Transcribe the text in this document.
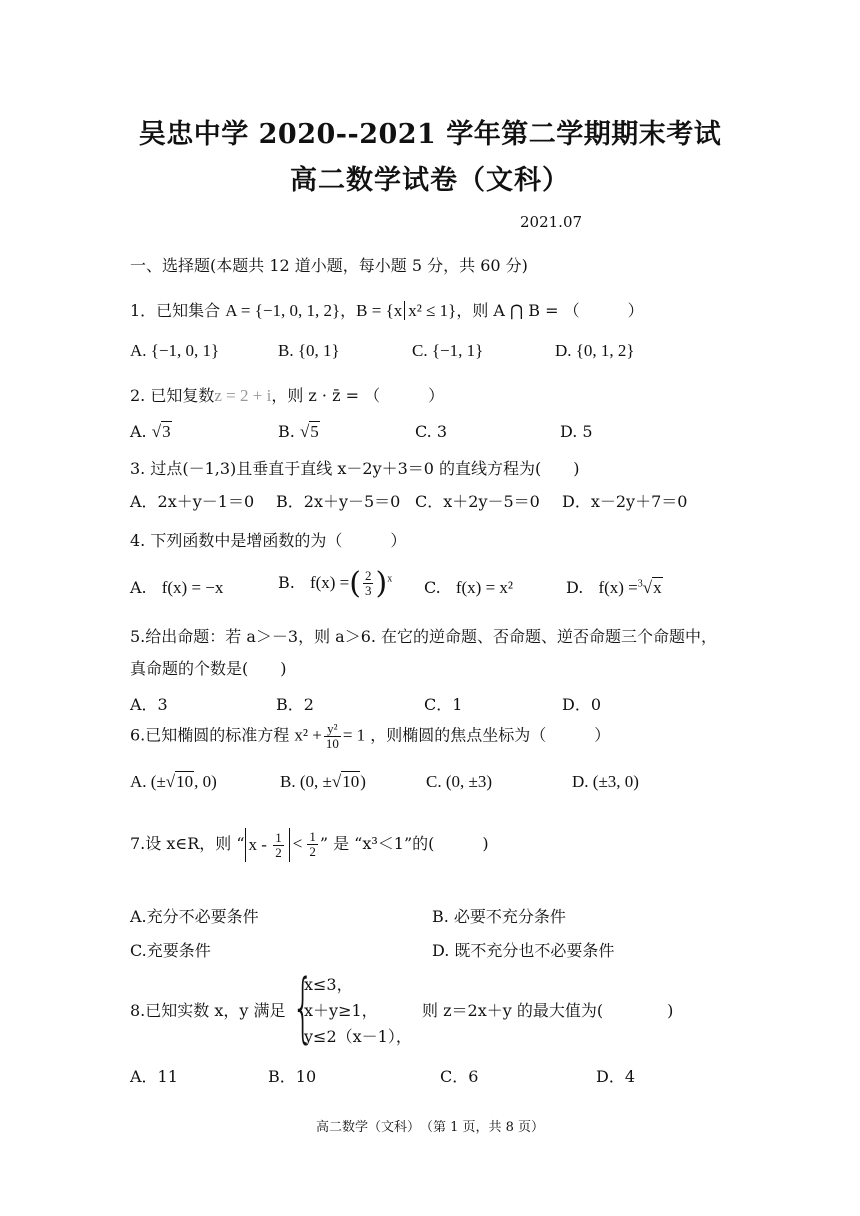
吴忠中学 2020--2021 学年第二学期期末考试
高二数学试卷（文科）
2021.07
一、选择题(本题共 12 道小题，每小题 5 分，共 60 分)
1．已知集合 A = {−1, 0, 1, 2}，B = {x x² ≤ 1}，则 A ⋂ B = （　　　）
A. {−1, 0, 1}	B. {0, 1}	C. {−1, 1}	D. {0, 1, 2}
2. 已知复数z = 2 + i，则 z · z̄ = （　　　）
A. √3	B. √5	C. 3	D. 5
3. 过点(－1,3)且垂直于直线 x－2y＋3＝0 的直线方程为(　　)
A．2x＋y－1＝0 B．2x＋y－5＝0 C．x＋2y－5＝0 D．x－2y＋7＝0
4. 下列函数中是增函数的为（　　　）
A. f(x) = −x	B. f(x) =( $\frac{2}{3} )^x$ C. f(x) = x²	D. f(x) =$^3$√x
5.给出命题：若 a＞－3，则 a＞6. 在它的逆命题、否命题、逆否命题三个命题中，
真命题的个数是(　　)
A．3	B．2	C．1	D．0
6.已知椭圆的标准方程 $x^2 + \frac{\text{y²}}{10} = 1$ ，则椭圆的焦点坐标为（　　　）
A. (±√10, 0)	B. (0, ±√10)	C. (0, ±3)	D. (±3, 0)
7.设 x∈R，则 “ $x - \frac{1}{2} < \frac{1}{2}$ ” 是 “x³＜1”的(　　　)
A.充分不必要条件	B. 必要不充分条件
C.充要条件	D. 既不充分也不必要条件
8.已知实数 x，y 满足 {
x≤3，
x＋y≥1，
y≤2（x－1），
则 z＝2x＋y 的最大值为(　　　　)
A．11	B．10	C．6	D．4
高二数学（文科）　（第 1 页，共 8 页）
